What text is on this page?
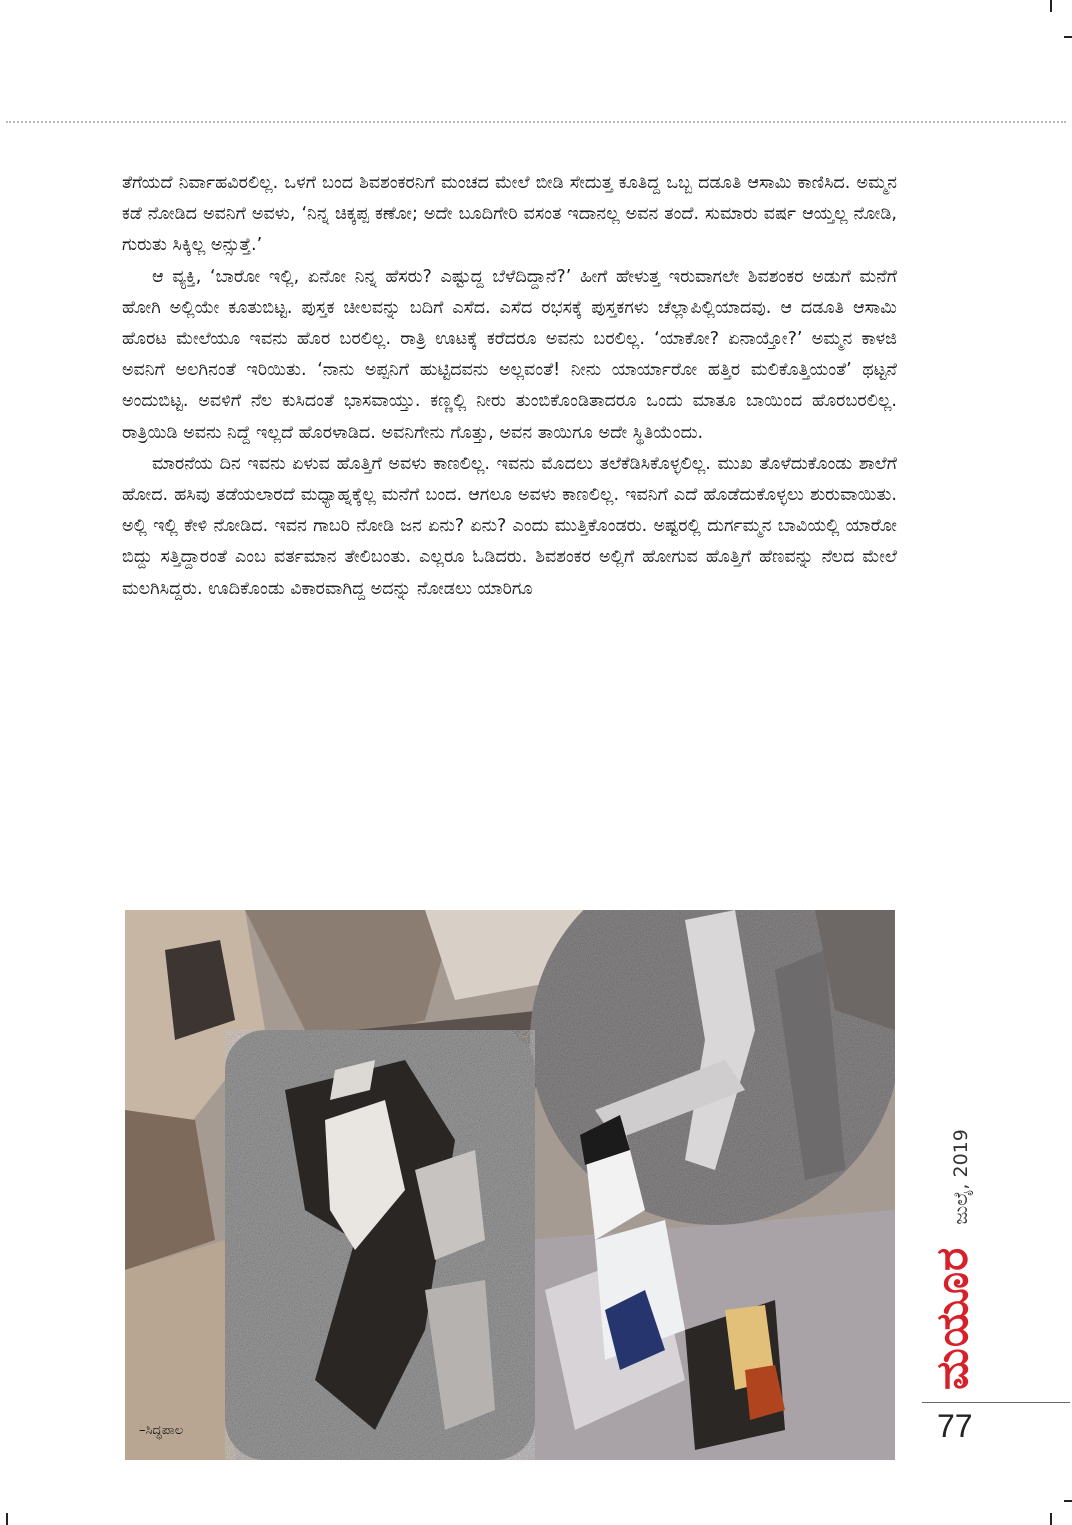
ತೆಗೆಯದೆ ನಿರ್ವಾಹವಿರಲಿಲ್ಲ. ಒಳಗೆ ಬಂದ ಶಿವಶಂಕರನಿಗೆ ಮಂಚದ ಮೇಲೆ ಬೀಡಿ ಸೇದುತ್ತ ಕೂತಿದ್ದ ಒಬ್ಬ ದಡೂತಿ ಆಸಾಮಿ ಕಾಣಿಸಿದ. ಅಮ್ಮನ ಕಡೆ ನೋಡಿದ ಅವನಿಗೆ ಅವಳು, ‘ನಿನ್ನ ಚಿಕ್ಕಪ್ಪ ಕಣೋ; ಅದೇ ಬೂದಿಗೇರಿ ವಸಂತ ಇದಾನಲ್ಲ ಅವನ ತಂದೆ. ಸುಮಾರು ವರ್ಷ ಆಯ್ತಲ್ಲ ನೋಡಿ, ಗುರುತು ಸಿಕ್ಕಿಲ್ಲ ಅನ್ಸುತ್ತೆ.’

ಆ ವ್ಯಕ್ತಿ, ‘ಬಾರೋ ಇಲ್ಲಿ, ಏನೋ ನಿನ್ನ ಹೆಸರು? ಎಷ್ಟುದ್ದ ಬೆಳೆದಿದ್ದಾನೆ?’ ಹೀಗೆ ಹೇಳುತ್ತ ಇರುವಾಗಲೇ ಶಿವಶಂಕರ ಅಡುಗೆ ಮನೆಗೆ ಹೋಗಿ ಅಲ್ಲಿಯೇ ಕೂತುಬಿಟ್ಟ. ಪುಸ್ತಕ ಚೀಲವನ್ನು ಬದಿಗೆ ಎಸೆದ. ಎಸೆದ ರಭಸಕ್ಕೆ ಪುಸ್ತಕಗಳು ಚೆಲ್ಲಾಪಿಲ್ಲಿಯಾದವು. ಆ ದಡೂತಿ ಆಸಾಮಿ ಹೊರಟ ಮೇಲೆಯೂ ಇವನು ಹೊರ ಬರಲಿಲ್ಲ. ರಾತ್ರಿ ಊಟಕ್ಕೆ ಕರೆದರೂ ಅವನು ಬರಲಿಲ್ಲ. ‘ಯಾಕೋ? ಏನಾಯ್ತೋ?’ ಅಮ್ಮನ ಕಾಳಜಿ ಅವನಿಗೆ ಅಲಗಿನಂತೆ ಇರಿಯಿತು. ‘ನಾನು ಅಪ್ಪನಿಗೆ ಹುಟ್ಟಿದವನು ಅಲ್ಲವಂತೆ! ನೀನು ಯಾರ್ಯಾರೋ ಹತ್ತಿರ ಮಲಿಕೊತ್ತಿಯಂತೆ’ ಥಟ್ಟನೆ ಅಂದುಬಿಟ್ಟ. ಅವಳಿಗೆ ನೆಲ ಕುಸಿದಂತೆ ಭಾಸವಾಯ್ತು. ಕಣ್ಣಲ್ಲಿ ನೀರು ತುಂಬಿಕೊಂಡಿತಾದರೂ ಒಂದು ಮಾತೂ ಬಾಯಿಂದ ಹೊರಬರಲಿಲ್ಲ. ರಾತ್ರಿಯಿಡಿ ಅವನು ನಿದ್ದೆ ಇಲ್ಲದೆ ಹೊರಳಾಡಿದ. ಅವನಿಗೇನು ಗೊತ್ತು, ಅವನ ತಾಯಿಗೂ ಅದೇ ಸ್ಥಿತಿಯೆಂದು.

ಮಾರನೆಯ ದಿನ ಇವನು ಏಳುವ ಹೊತ್ತಿಗೆ ಅವಳು ಕಾಣಲಿಲ್ಲ. ಇವನು ಮೊದಲು ತಲೆಕೆಡಿಸಿಕೊಳ್ಳಲಿಲ್ಲ. ಮುಖ ತೊಳೆದುಕೊಂಡು ಶಾಲೆಗೆ ಹೋದ. ಹಸಿವು ತಡೆಯಲಾರದೆ ಮಧ್ಯಾಹ್ನಕ್ಕೆಲ್ಲ ಮನೆಗೆ ಬಂದ. ಆಗಲೂ ಅವಳು ಕಾಣಲಿಲ್ಲ. ಇವನಿಗೆ ಎದೆ ಹೊಡೆದುಕೊಳ್ಳಲು ಶುರುವಾಯಿತು. ಅಲ್ಲಿ ಇಲ್ಲಿ ಕೇಳಿ ನೋಡಿದ. ಇವನ ಗಾಬರಿ ನೋಡಿ ಜನ ಏನು? ಏನು? ಎಂದು ಮುತ್ತಿಕೊಂಡರು. ಅಷ್ಟರಲ್ಲಿ ದುರ್ಗಮ್ಮನ ಬಾವಿಯಲ್ಲಿ ಯಾರೋ ಬಿದ್ದು ಸತ್ತಿದ್ದಾರಂತೆ ಎಂಬ ವರ್ತಮಾನ ತೇಲಿಬಂತು. ಎಲ್ಲರೂ ಓಡಿದರು. ಶಿವಶಂಕರ ಅಲ್ಲಿಗೆ ಹೋಗುವ ಹೊತ್ತಿಗೆ ಹೆಣವನ್ನು ನೆಲದ ಮೇಲೆ ಮಲಗಿಸಿದ್ದರು. ಊದಿಕೊಂಡು ವಿಕಾರವಾಗಿದ್ದ ಅದನ್ನು ನೋಡಲು ಯಾರಿಗೂ

–ಸಿದ್ಧಪಾಲ
ಮಯೂರಜುಲೈ, 2019
77
